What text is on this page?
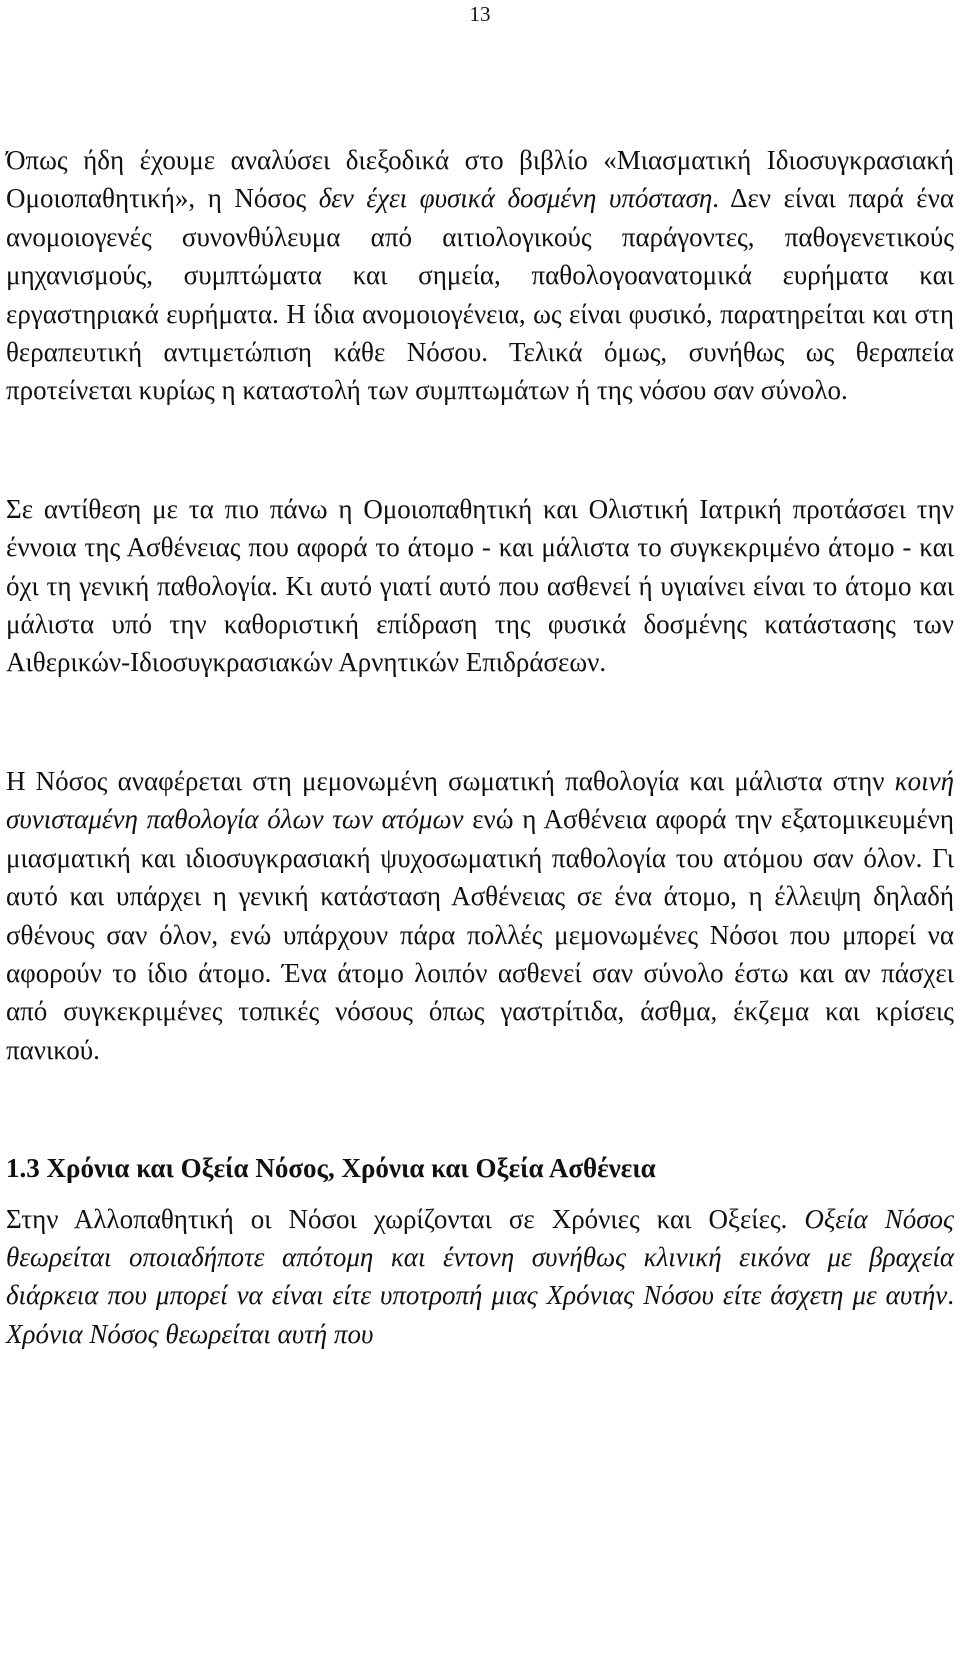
13

Όπως ήδη έχουμε αναλύσει διεξοδικά στο βιβλίο «Μιασματική Ιδιοσυγκρασιακή Ομοιοπαθητική», η Νόσος δεν έχει φυσικά δοσμένη υπόσταση. Δεν είναι παρά ένα ανομοιογενές συνονθύλευμα από αιτιολογικούς παράγοντες, παθογενετικούς μηχανισμούς, συμπτώματα και σημεία, παθολογοανατομικά ευρήματα και εργαστηριακά ευρήματα. Η ίδια ανομοιογένεια, ως είναι φυσικό, παρατηρείται και στη θεραπευτική αντιμετώπιση κάθε Νόσου. Τελικά όμως, συνήθως ως θεραπεία προτείνεται κυρίως η καταστολή των συμπτωμάτων ή της νόσου σαν σύνολο.

Σε αντίθεση με τα πιο πάνω η Ομοιοπαθητική και Ολιστική Ιατρική προτάσσει την έννοια της Ασθένειας που αφορά το άτομο - και μάλιστα το συγκεκριμένο άτομο - και όχι τη γενική παθολογία. Κι αυτό γιατί αυτό που ασθενεί ή υγιαίνει είναι το άτομο και μάλιστα υπό την καθοριστική επίδραση της φυσικά δοσμένης κατάστασης των Αιθερικών-Ιδιοσυγκρασιακών Αρνητικών Επιδράσεων.

Η Νόσος αναφέρεται στη μεμονωμένη σωματική παθολογία και μάλιστα στην κοινή συνισταμένη παθολογία όλων των ατόμων ενώ η Ασθένεια αφορά την εξατομικευμένη μιασματική και ιδιοσυγκρασιακή ψυχοσωματική παθολογία του ατόμου σαν όλον. Γι αυτό και υπάρχει η γενική κατάσταση Ασθένειας σε ένα άτομο, η έλλειψη δηλαδή σθένους σαν όλον, ενώ υπάρχουν πάρα πολλές μεμονωμένες Νόσοι που μπορεί να αφορούν το ίδιο άτομο. Ένα άτομο λοιπόν ασθενεί σαν σύνολο έστω και αν πάσχει από συγκεκριμένες τοπικές νόσους όπως γαστρίτιδα, άσθμα, έκζεμα και κρίσεις πανικού.

1.3 Χρόνια και Οξεία Νόσος, Χρόνια και Οξεία Ασθένεια

Στην Αλλοπαθητική οι Νόσοι χωρίζονται σε Χρόνιες και Οξείες. Οξεία Νόσος θεωρείται οποιαδήποτε απότομη και έντονη συνήθως κλινική εικόνα με βραχεία διάρκεια που μπορεί να είναι είτε υποτροπή μιας Χρόνιας Νόσου είτε άσχετη με αυτήν. Χρόνια Νόσος θεωρείται αυτή που
